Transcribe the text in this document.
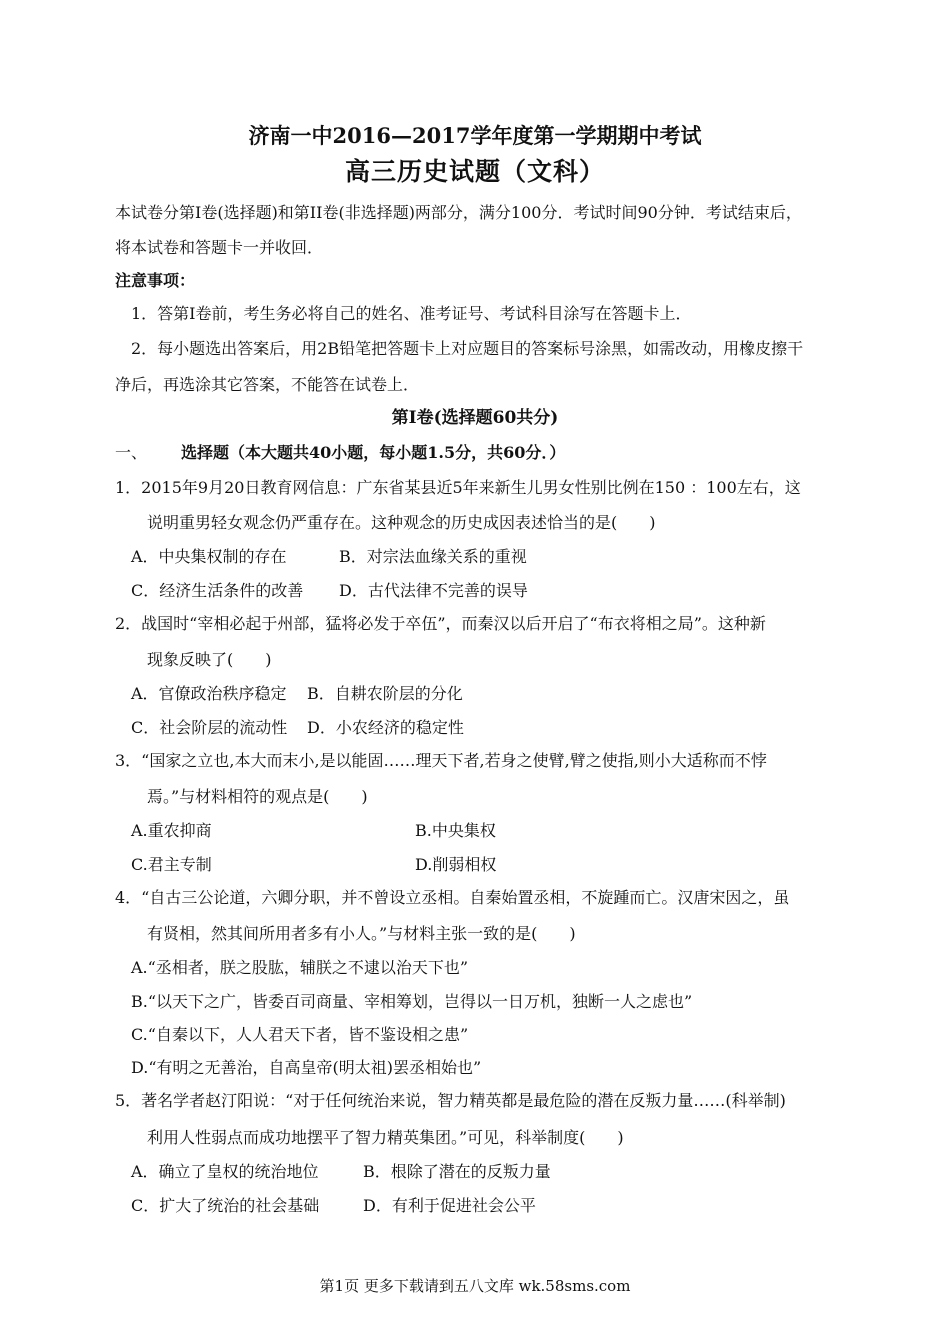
济南一中2016—2017学年度第一学期期中考试
高三历史试题（文科）
本试卷分第I卷(选择题)和第II卷(非选择题)两部分，满分100分．考试时间90分钟．考试结束后，
将本试卷和答题卡一并收回．
注意事项：
1．答第I卷前，考生务必将自己的姓名、准考证号、考试科目涂写在答题卡上．
2．每小题选出答案后，用2B铅笔把答题卡上对应题目的答案标号涂黑，如需改动，用橡皮擦干
净后，再选涂其它答案，不能答在试卷上．
第I卷(选择题60共分)
一、 选择题（本大题共40小题，每小题1.5分，共60分．）
1．2015年9月20日教育网信息：广东省某县近5年来新生儿男女性别比例在150 ：100左右，这
说明重男轻女观念仍严重存在。这种观念的历史成因表述恰当的是(　　)
A．中央集权制的存在	B．对宗法血缘关系的重视
C．经济生活条件的改善 D．古代法律不完善的误导
2．战国时“宰相必起于州部，猛将必发于卒伍”，而秦汉以后开启了“布衣将相之局”。这种新
现象反映了(　　)
A．官僚政治秩序稳定 B．自耕农阶层的分化
C．社会阶层的流动性 D．小农经济的稳定性
3．“国家之立也,本大而末小,是以能固……理天下者,若身之使臂,臂之使指,则小大适称而不悖
焉。”与材料相符的观点是(　　)
A.重农抑商	B.中央集权
C.君主专制	D.削弱相权
4．“自古三公论道，六卿分职，并不曾设立丞相。自秦始置丞相，不旋踵而亡。汉唐宋因之，虽
有贤相，然其间所用者多有小人。”与材料主张一致的是(　　)
A.“丞相者，朕之股肱，辅朕之不逮以治天下也”
B.“以天下之广，皆委百司商量、宰相筹划，岂得以一日万机，独断一人之虑也”
C.“自秦以下，人人君天下者，皆不鉴设相之患”
D.“有明之无善治，自高皇帝(明太祖)罢丞相始也”
5．著名学者赵汀阳说：“对于任何统治来说，智力精英都是最危险的潜在反叛力量……(科举制)
利用人性弱点而成功地摆平了智力精英集团。”可见，科举制度(　　)
A．确立了皇权的统治地位	B．根除了潜在的反叛力量
C．扩大了统治的社会基础	D．有利于促进社会公平
第1页 更多下载请到五八文库 wk.58sms.com
